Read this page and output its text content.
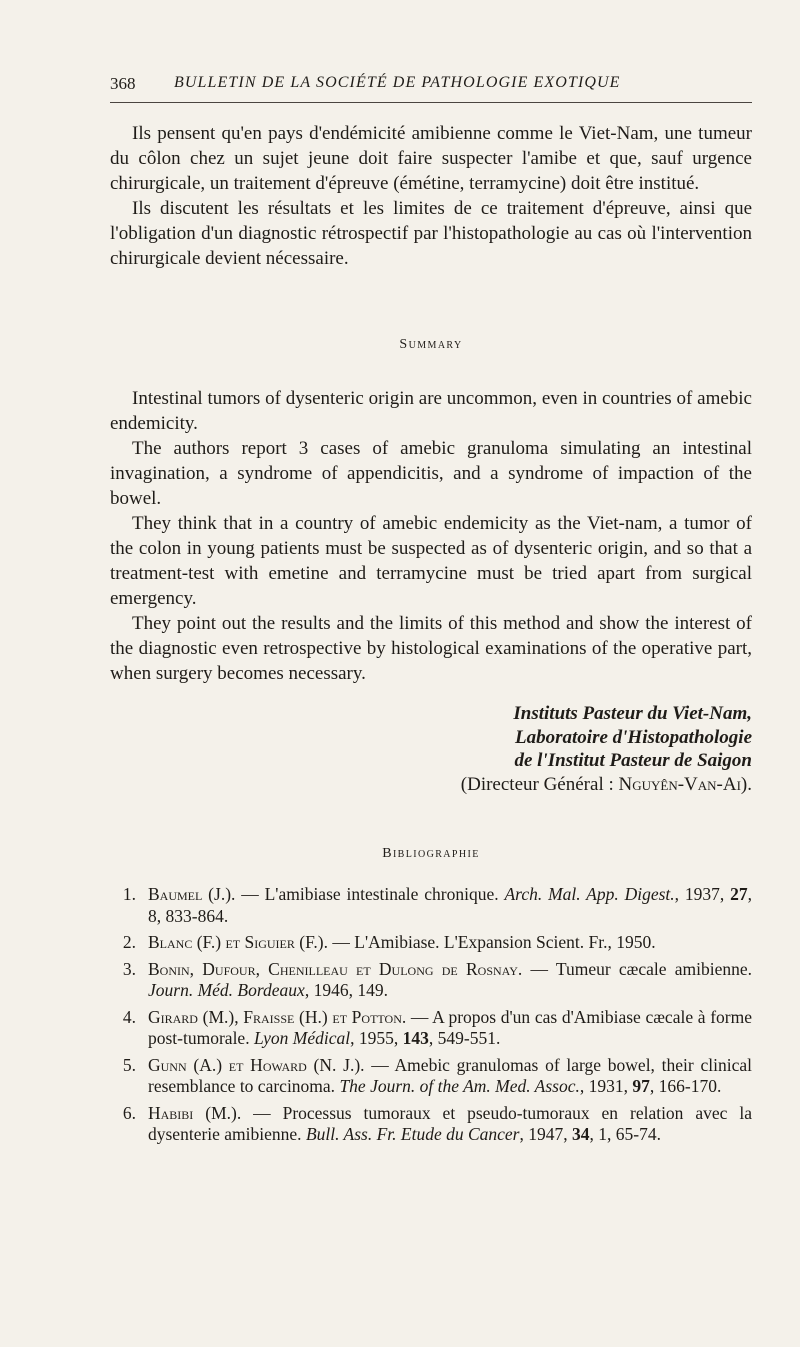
368 BULLETIN DE LA SOCIÉTÉ DE PATHOLOGIE EXOTIQUE

Ils pensent qu'en pays d'endémicité amibienne comme le Viet-Nam, une tumeur du côlon chez un sujet jeune doit faire suspecter l'amibe et que, sauf urgence chirurgicale, un traitement d'épreuve (émétine, terramycine) doit être institué.

Ils discutent les résultats et les limites de ce traitement d'épreuve, ainsi que l'obligation d'un diagnostic rétrospectif par l'histopathologie au cas où l'intervention chirurgicale devient nécessaire.

Summary

Intestinal tumors of dysenteric origin are uncommon, even in countries of amebic endemicity.

The authors report 3 cases of amebic granuloma simulating an intestinal invagination, a syndrome of appendicitis, and a syndrome of impaction of the bowel.

They think that in a country of amebic endemicity as the Viet-nam, a tumor of the colon in young patients must be suspected as of dysenteric origin, and so that a treatment-test with emetine and terramycine must be tried apart from surgical emergency.

They point out the results and the limits of this method and show the interest of the diagnostic even retrospective by histological examinations of the operative part, when surgery becomes necessary.

Instituts Pasteur du Viet-Nam,
Laboratoire d'Histopathologie
de l'Institut Pasteur de Saigon
(Directeur Général : Nguyên-Van-Ai).
Bibliographie
1. Baumel (J.). — L'amibiase intestinale chronique. Arch. Mal. App. Digest., 1937, 27, 8, 833-864.
2. Blanc (F.) et Siguier (F.). — L'Amibiase. L'Expansion Scient. Fr., 1950.
3. Bonin, Dufour, Chenilleau et Dulong de Rosnay. — Tumeur cæcale amibienne. Journ. Méd. Bordeaux, 1946, 149.
4. Girard (M.), Fraisse (H.) et Potton. — A propos d'un cas d'Amibiase cæcale à forme post-tumorale. Lyon Médical, 1955, 143, 549-551.
5. Gunn (A.) et Howard (N. J.). — Amebic granulomas of large bowel, their clinical resemblance to carcinoma. The Journ. of the Am. Med. Assoc., 1931, 97, 166-170.
6. Habibi (M.). — Processus tumoraux et pseudo-tumoraux en relation avec la dysenterie amibienne. Bull. Ass. Fr. Etude du Cancer, 1947, 34, 1, 65-74.
